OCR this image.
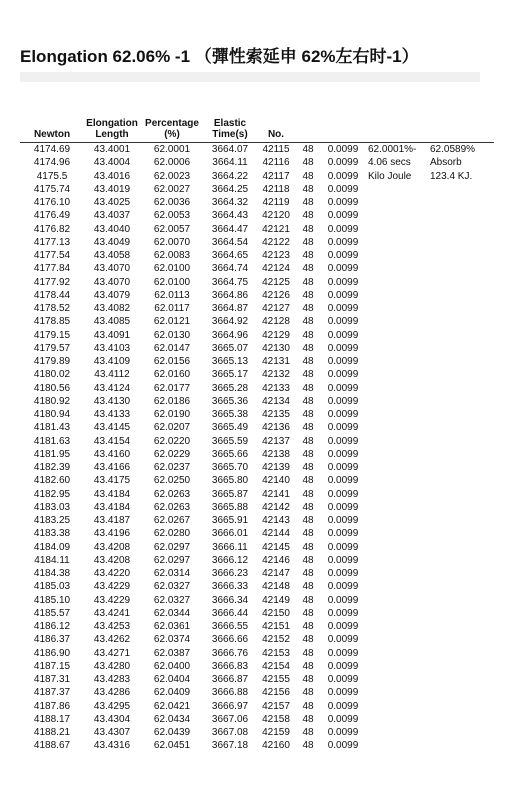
Elongation 62.06% -1 （彈性索延申 62%左右时-1）
Newton	Elongation Length	Percentage (%)	Elastic Time(s)	No.				
4174.69	43.4001	62.0001	3664.07	42115	48	0.0099	62.0001%-	62.0589%
4174.96	43.4004	62.0006	3664.11	42116	48	0.0099	4.06 secs	Absorb
4175.5	43.4016	62.0023	3664.22	42117	48	0.0099	Kilo Joule	123.4 KJ.
4175.74	43.4019	62.0027	3664.25	42118	48	0.0099		
4176.10	43.4025	62.0036	3664.32	42119	48	0.0099		
4176.49	43.4037	62.0053	3664.43	42120	48	0.0099		
4176.82	43.4040	62.0057	3664.47	42121	48	0.0099		
4177.13	43.4049	62.0070	3664.54	42122	48	0.0099		
4177.54	43.4058	62.0083	3664.65	42123	48	0.0099		
4177.84	43.4070	62.0100	3664.74	42124	48	0.0099		
4177.92	43.4070	62.0100	3664.75	42125	48	0.0099		
4178.44	43.4079	62.0113	3664.86	42126	48	0.0099		
4178.52	43.4082	62.0117	3664.87	42127	48	0.0099		
4178.85	43.4085	62.0121	3664.92	42128	48	0.0099		
4179.15	43.4091	62.0130	3664.96	42129	48	0.0099		
4179.57	43.4103	62.0147	3665.07	42130	48	0.0099		
4179.89	43.4109	62.0156	3665.13	42131	48	0.0099		
4180.02	43.4112	62.0160	3665.17	42132	48	0.0099		
4180.56	43.4124	62.0177	3665.28	42133	48	0.0099		
4180.92	43.4130	62.0186	3665.36	42134	48	0.0099		
4180.94	43.4133	62.0190	3665.38	42135	48	0.0099		
4181.43	43.4145	62.0207	3665.49	42136	48	0.0099		
4181.63	43.4154	62.0220	3665.59	42137	48	0.0099		
4181.95	43.4160	62.0229	3665.66	42138	48	0.0099		
4182.39	43.4166	62.0237	3665.70	42139	48	0.0099		
4182.60	43.4175	62.0250	3665.80	42140	48	0.0099		
4182.95	43.4184	62.0263	3665.87	42141	48	0.0099		
4183.03	43.4184	62.0263	3665.88	42142	48	0.0099		
4183.25	43.4187	62.0267	3665.91	42143	48	0.0099		
4183.38	43.4196	62.0280	3666.01	42144	48	0.0099		
4184.09	43.4208	62.0297	3666.11	42145	48	0.0099		
4184.11	43.4208	62.0297	3666.12	42146	48	0.0099		
4184.38	43.4220	62.0314	3666.23	42147	48	0.0099		
4185.03	43.4229	62.0327	3666.33	42148	48	0.0099		
4185.10	43.4229	62.0327	3666.34	42149	48	0.0099		
4185.57	43.4241	62.0344	3666.44	42150	48	0.0099		
4186.12	43.4253	62.0361	3666.55	42151	48	0.0099		
4186.37	43.4262	62.0374	3666.66	42152	48	0.0099		
4186.90	43.4271	62.0387	3666.76	42153	48	0.0099		
4187.15	43.4280	62.0400	3666.83	42154	48	0.0099		
4187.31	43.4283	62.0404	3666.87	42155	48	0.0099		
4187.37	43.4286	62.0409	3666.88	42156	48	0.0099		
4187.86	43.4295	62.0421	3666.97	42157	48	0.0099		
4188.17	43.4304	62.0434	3667.06	42158	48	0.0099		
4188.21	43.4307	62.0439	3667.08	42159	48	0.0099		
4188.67	43.4316	62.0451	3667.18	42160	48	0.0099		
